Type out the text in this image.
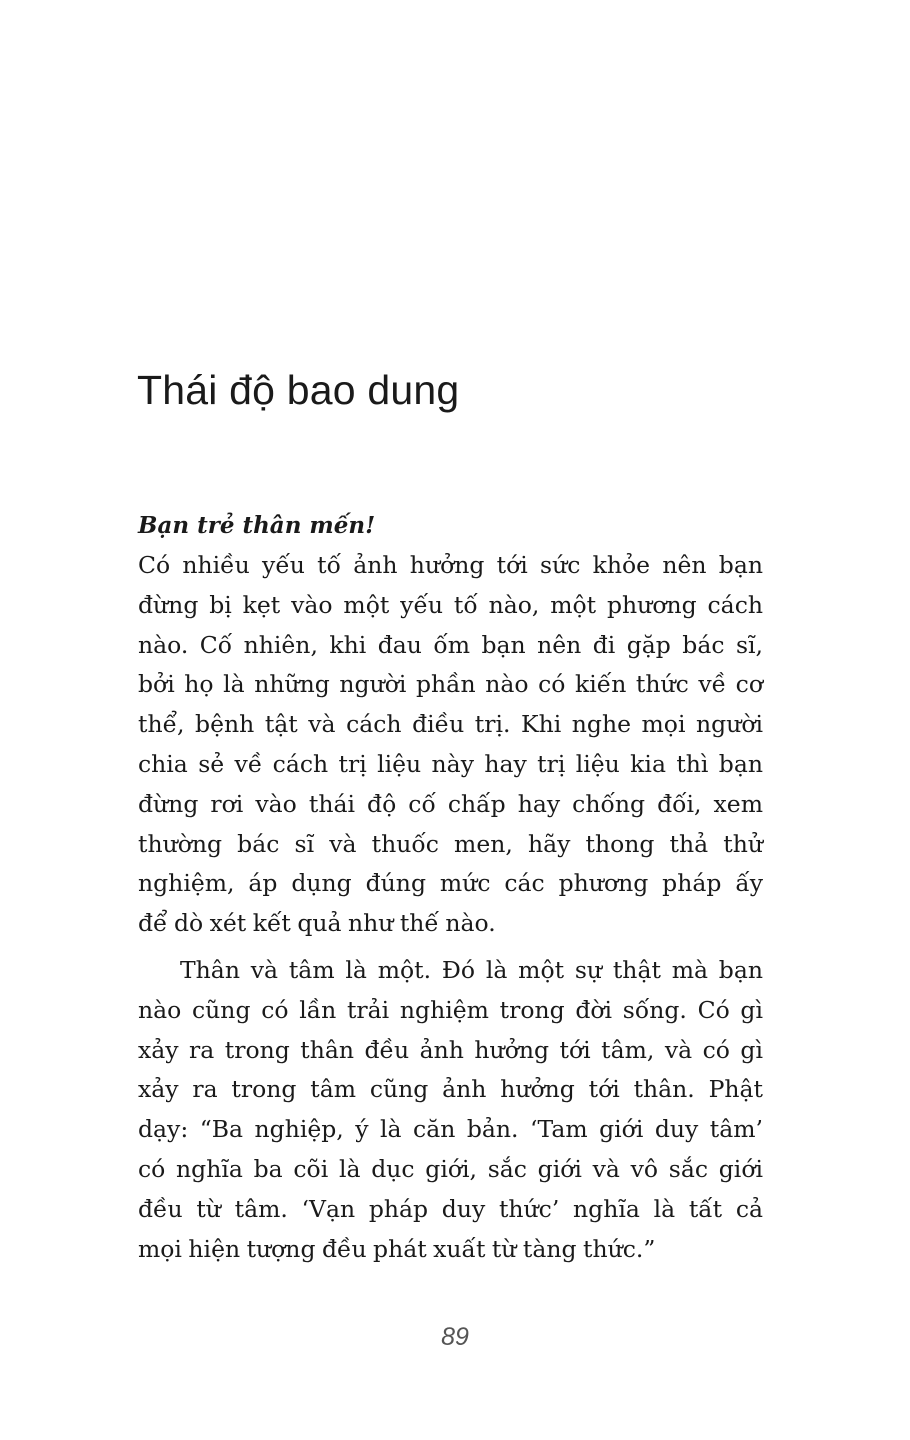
Thái độ bao dung

Bạn trẻ thân mến!

Có nhiều yếu tố ảnh hưởng tới sức khỏe nên bạn
đừng bị kẹt vào một yếu tố nào, một phương cách
nào. Cố nhiên, khi đau ốm bạn nên đi gặp bác sĩ,
bởi họ là những người phần nào có kiến thức về cơ
thể, bệnh tật và cách điều trị. Khi nghe mọi người
chia sẻ về cách trị liệu này hay trị liệu kia thì bạn
đừng rơi vào thái độ cố chấp hay chống đối, xem
thường bác sĩ và thuốc men, hãy thong thả thử
nghiệm, áp dụng đúng mức các phương pháp ấy
để dò xét kết quả như thế nào.
Thân và tâm là một. Đó là một sự thật mà bạn
nào cũng có lần trải nghiệm trong đời sống. Có gì
xảy ra trong thân đều ảnh hưởng tới tâm, và có gì
xảy ra trong tâm cũng ảnh hưởng tới thân. Phật
dạy: “Ba nghiệp, ý là căn bản. ‘Tam giới duy tâm’
có nghĩa ba cõi là dục giới, sắc giới và vô sắc giới
đều từ tâm. ‘Vạn pháp duy thức’ nghĩa là tất cả
mọi hiện tượng đều phát xuất từ tàng thức.”

89
